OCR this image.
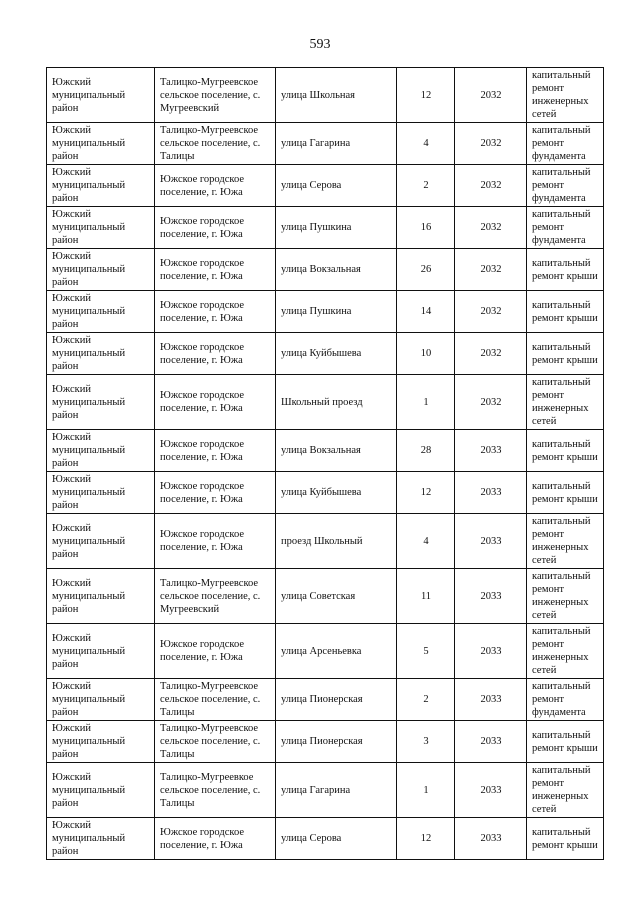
593
Южский муниципальный район	Талицко-Мугреевское сельское поселение, с. Мугреевский	улица Школьная	12	2032	капитальный ремонт инженерных сетей
Южский муниципальный район	Талицко-Мугреевское сельское поселение, с. Талицы	улица Гагарина	4	2032	капитальный ремонт фундамента
Южский муниципальный район	Южское городское поселение, г. Южа	улица Серова	2	2032	капитальный ремонт фундамента
Южский муниципальный район	Южское городское поселение, г. Южа	улица Пушкина	16	2032	капитальный ремонт фундамента
Южский муниципальный район	Южское городское поселение, г. Южа	улица Вокзальная	26	2032	капитальный ремонт крыши
Южский муниципальный район	Южское городское поселение, г. Южа	улица Пушкина	14	2032	капитальный ремонт крыши
Южский муниципальный район	Южское городское поселение, г. Южа	улица Куйбышева	10	2032	капитальный ремонт крыши
Южский муниципальный район	Южское городское поселение, г. Южа	Школьный проезд	1	2032	капитальный ремонт инженерных сетей
Южский муниципальный район	Южское городское поселение, г. Южа	улица Вокзальная	28	2033	капитальный ремонт крыши
Южский муниципальный район	Южское городское поселение, г. Южа	улица Куйбышева	12	2033	капитальный ремонт крыши
Южский муниципальный район	Южское городское поселение, г. Южа	проезд Школьный	4	2033	капитальный ремонт инженерных сетей
Южский муниципальный район	Талицко-Мугреевское сельское поселение, с. Мугреевский	улица Советская	11	2033	капитальный ремонт инженерных сетей
Южский муниципальный район	Южское городское поселение, г. Южа	улица Арсеньевка	5	2033	капитальный ремонт инженерных сетей
Южский муниципальный район	Талицко-Мугреевское сельское поселение, с. Талицы	улица Пионерская	2	2033	капитальный ремонт фундамента
Южский муниципальный район	Талицко-Мугреевское сельское поселение, с. Талицы	улица Пионерская	3	2033	капитальный ремонт крыши
Южский муниципальный район	Талицко-Мугреевкое сельское поселение, с. Талицы	улица Гагарина	1	2033	капитальный ремонт инженерных сетей
Южский муниципальный район	Южское городское поселение, г. Южа	улица Серова	12	2033	капитальный ремонт крыши
